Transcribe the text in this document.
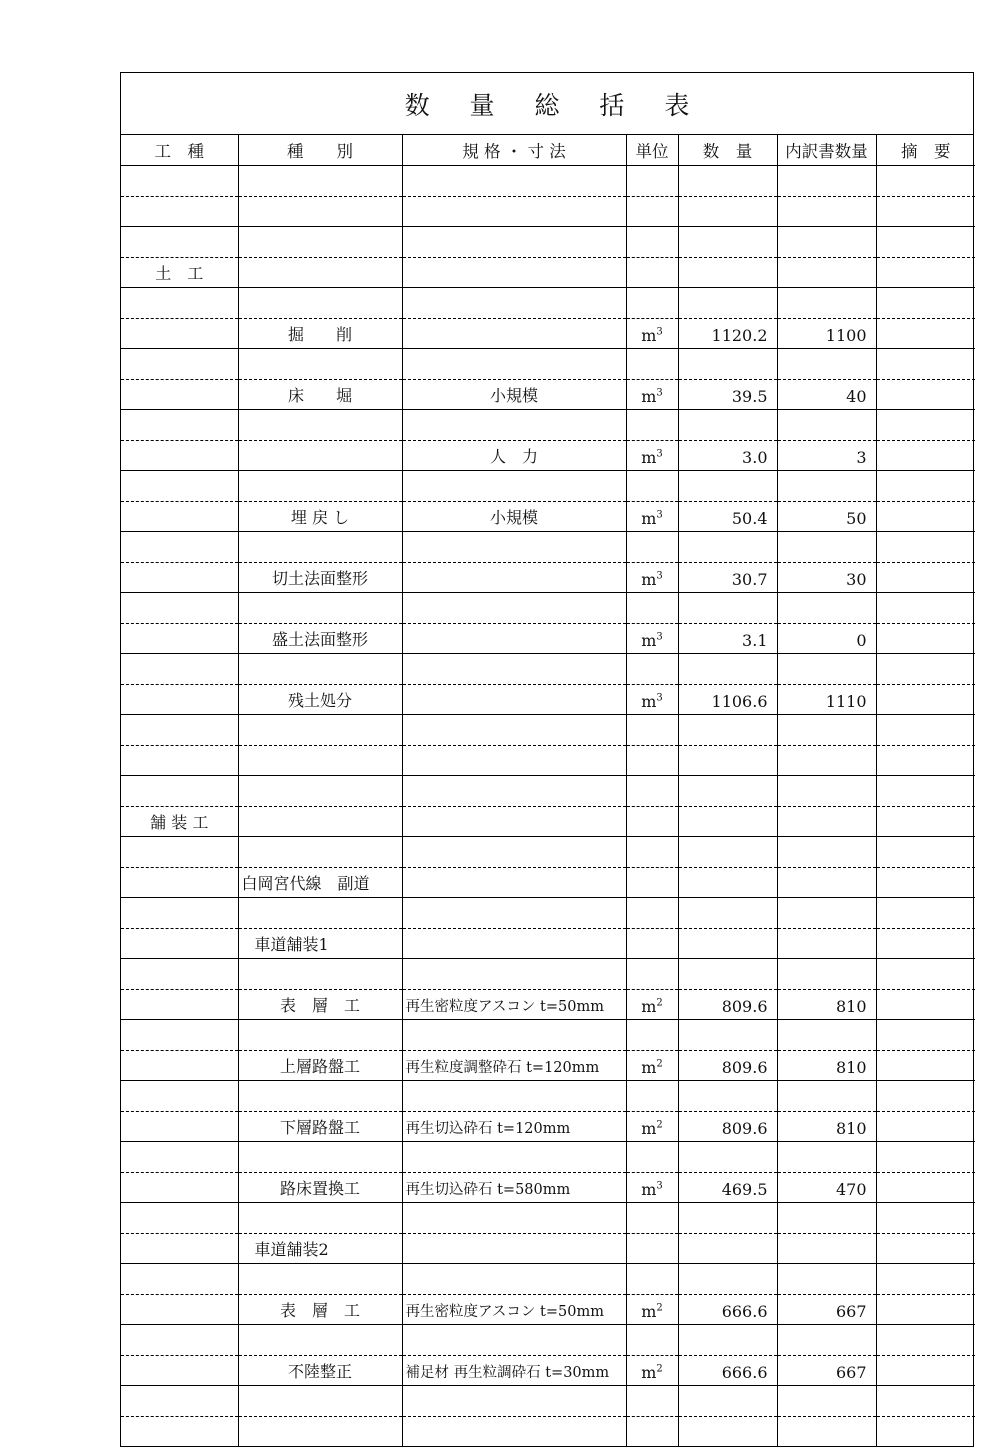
数 量 総 括 表
工　種	種　　別	規 格 ・ 寸 法	単位	数　量	内訳書数量	摘　要

土　工						

	掘　　削		$m^3$	1120.2	1100	

	床　　堀	小規模	$m^3$	39.5	40	

		人　力	$m^3$	3.0	3	

	埋 戻 し	小規模	$m^3$	50.4	50	

	切土法面整形		$m^3$	30.7	30	

	盛土法面整形		$m^3$	3.1	0	

	残土処分		$m^3$	1106.6	1110	

舗 装 工						

	白岡宮代線　副道					

	車道舗装1					

	表　層　工	再生密粒度アスコン t=50mm	$m^2$	809.6	810	

	上層路盤工	再生粒度調整砕石 t=120mm	$m^2$	809.6	810	

	下層路盤工	再生切込砕石 t=120mm	$m^2$	809.6	810	

	路床置換工	再生切込砕石 t=580mm	$m^3$	469.5	470	

	車道舗装2					

	表　層　工	再生密粒度アスコン t=50mm	$m^2$	666.6	667	

	不陸整正	補足材 再生粒調砕石 t=30mm	$m^2$	666.6	667	
